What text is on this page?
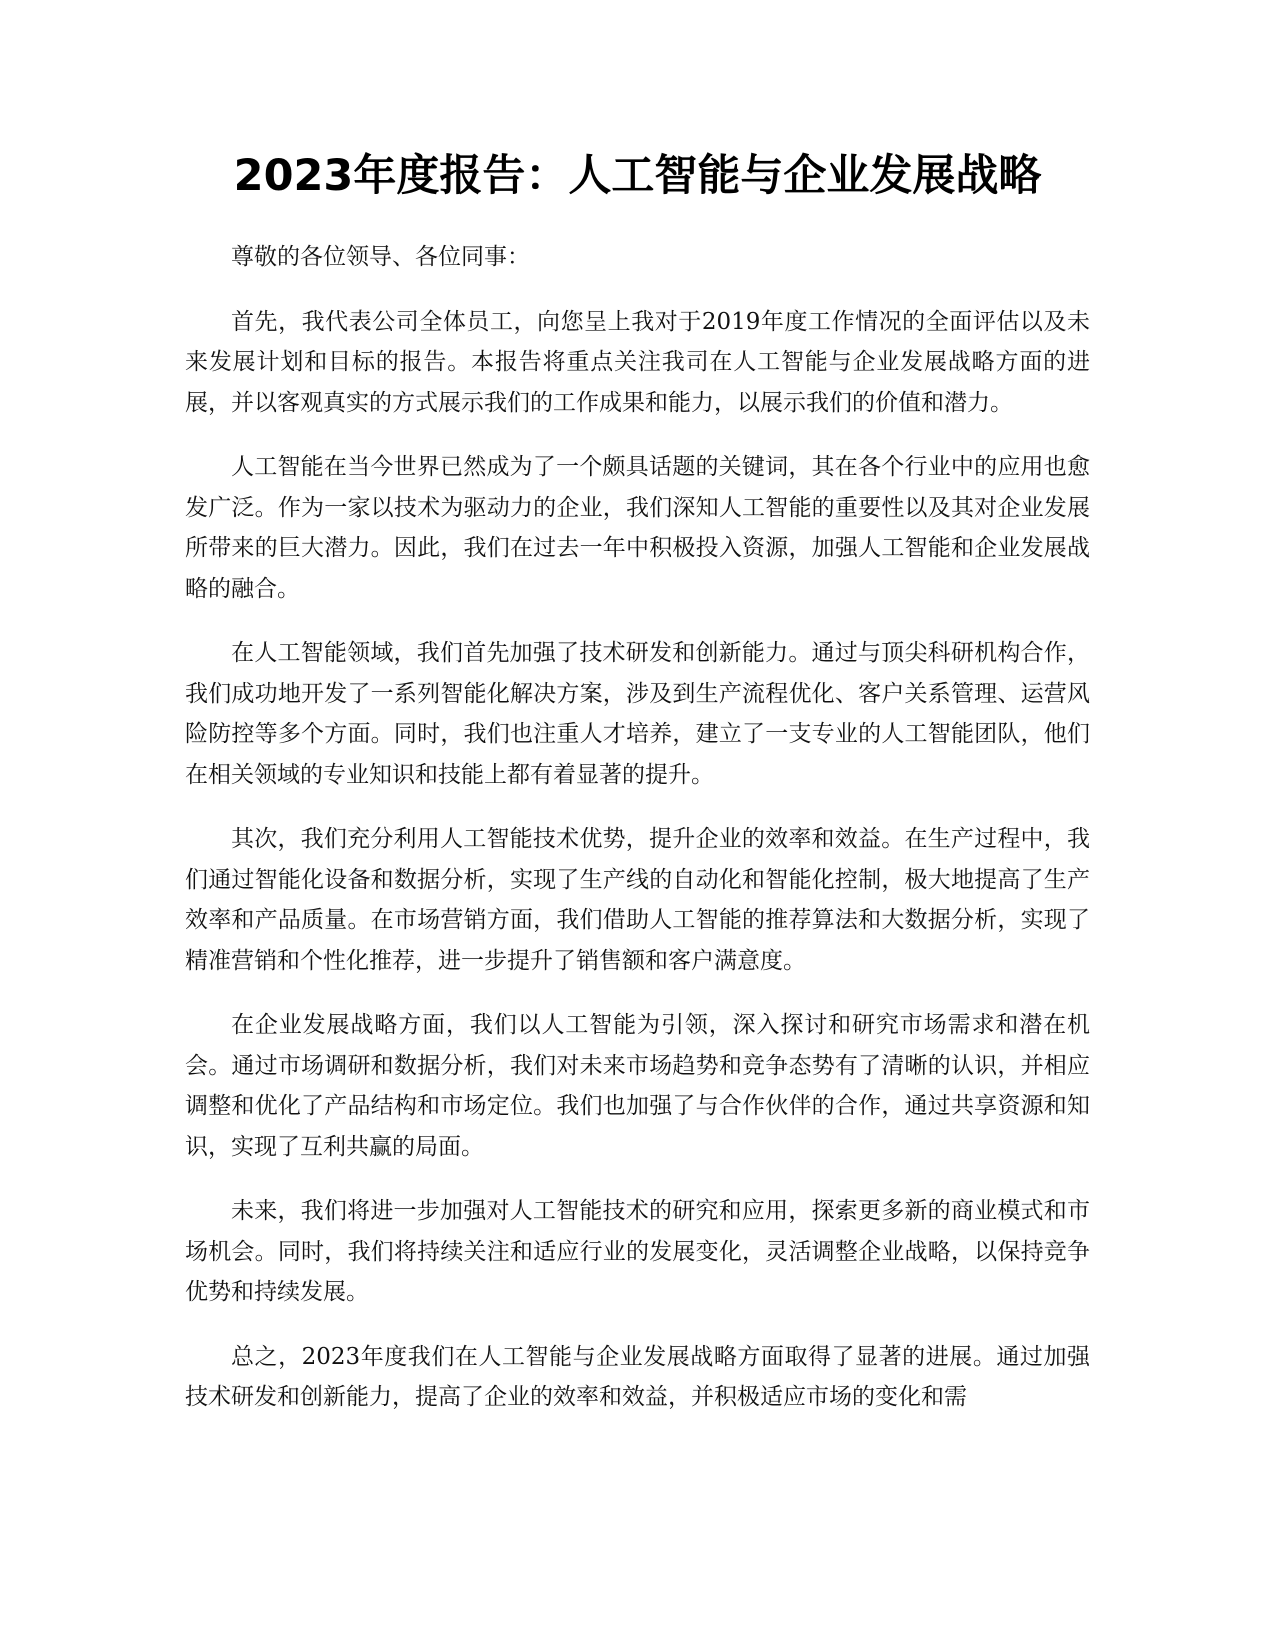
2023年度报告：人工智能与企业发展战略

尊敬的各位领导、各位同事：

首先，我代表公司全体员工，向您呈上我对于2019年度工作情况的全面评估以及未来发展计划和目标的报告。本报告将重点关注我司在人工智能与企业发展战略方面的进展，并以客观真实的方式展示我们的工作成果和能力，以展示我们的价值和潜力。

人工智能在当今世界已然成为了一个颇具话题的关键词，其在各个行业中的应用也愈发广泛。作为一家以技术为驱动力的企业，我们深知人工智能的重要性以及其对企业发展所带来的巨大潜力。因此，我们在过去一年中积极投入资源，加强人工智能和企业发展战略的融合。

在人工智能领域，我们首先加强了技术研发和创新能力。通过与顶尖科研机构合作，我们成功地开发了一系列智能化解决方案，涉及到生产流程优化、客户关系管理、运营风险防控等多个方面。同时，我们也注重人才培养，建立了一支专业的人工智能团队，他们在相关领域的专业知识和技能上都有着显著的提升。

其次，我们充分利用人工智能技术优势，提升企业的效率和效益。在生产过程中，我们通过智能化设备和数据分析，实现了生产线的自动化和智能化控制，极大地提高了生产效率和产品质量。在市场营销方面，我们借助人工智能的推荐算法和大数据分析，实现了精准营销和个性化推荐，进一步提升了销售额和客户满意度。

在企业发展战略方面，我们以人工智能为引领，深入探讨和研究市场需求和潜在机会。通过市场调研和数据分析，我们对未来市场趋势和竞争态势有了清晰的认识，并相应调整和优化了产品结构和市场定位。我们也加强了与合作伙伴的合作，通过共享资源和知识，实现了互利共赢的局面。

未来，我们将进一步加强对人工智能技术的研究和应用，探索更多新的商业模式和市场机会。同时，我们将持续关注和适应行业的发展变化，灵活调整企业战略，以保持竞争优势和持续发展。

总之，2023年度我们在人工智能与企业发展战略方面取得了显著的进展。通过加强技术研发和创新能力，提高了企业的效率和效益，并积极适应市场的变化和需
